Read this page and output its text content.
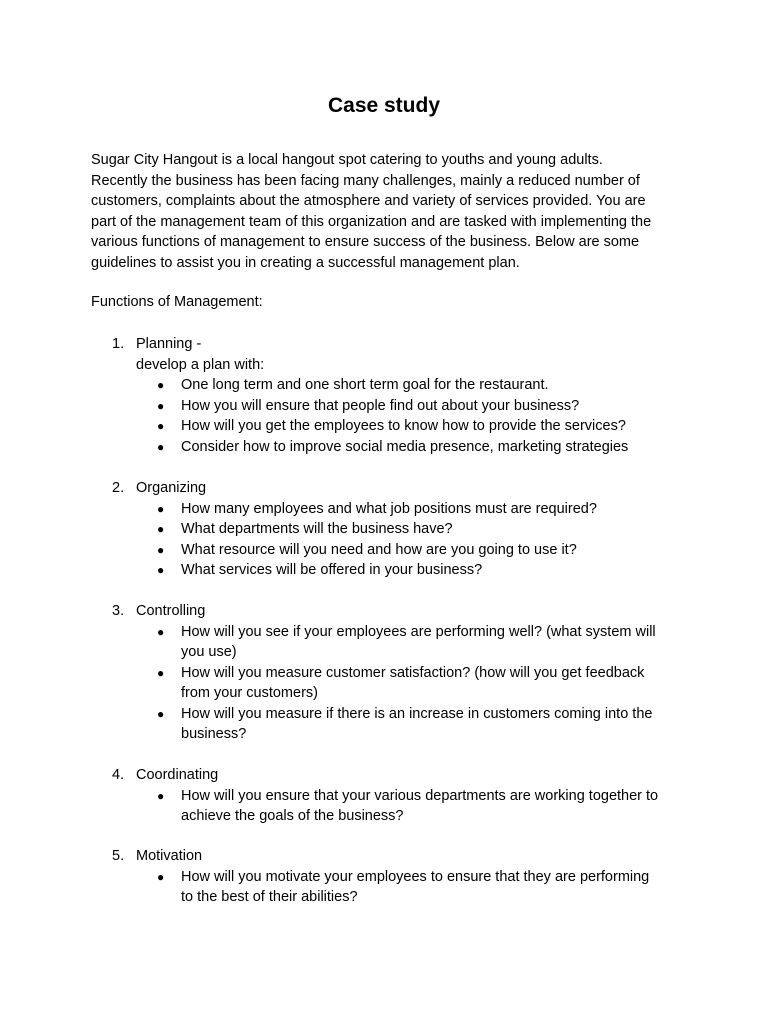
Case study
Sugar City Hangout is a local hangout spot catering to youths and young adults.
Recently the business has been facing many challenges, mainly a reduced number of
customers, complaints about the atmosphere and variety of services provided. You are
part of the management team of this organization and are tasked with implementing the
various functions of management to ensure success of the business. Below are some
guidelines to assist you in creating a successful management plan.
Functions of Management:
1. Planning -
develop a plan with:
● One long term and one short term goal for the restaurant.
● How you will ensure that people find out about your business?
● How will you get the employees to know how to provide the services?
● Consider how to improve social media presence, marketing strategies
2. Organizing
● How many employees and what job positions must are required?
● What departments will the business have?
● What resource will you need and how are you going to use it?
● What services will be offered in your business?
3. Controlling
● How will you see if your employees are performing well? (what system will
you use)
● How will you measure customer satisfaction? (how will you get feedback
from your customers)
● How will you measure if there is an increase in customers coming into the
business?
4. Coordinating
● How will you ensure that your various departments are working together to
achieve the goals of the business?
5. Motivation
● How will you motivate your employees to ensure that they are performing
to the best of their abilities?
